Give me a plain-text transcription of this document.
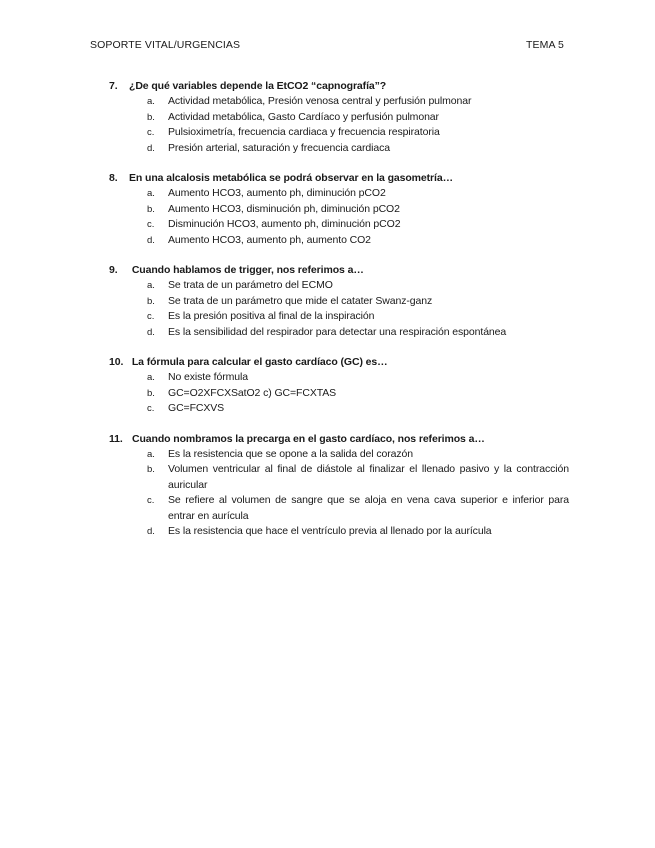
SOPORTE VITAL/URGENCIAS	TEMA 5
7.	¿De qué variables depende la EtCO2 “capnografía”?
a.	Actividad metabólica, Presión venosa central y perfusión pulmonar
b.	Actividad metabólica, Gasto Cardíaco y perfusión pulmonar
c.	Pulsioximetría, frecuencia cardiaca y frecuencia respiratoria
d.	Presión arterial, saturación y frecuencia cardiaca
8.	En una alcalosis metabólica se podrá observar en la gasometría…
a.	Aumento HCO3, aumento ph, diminución pCO2
b.	Aumento HCO3, disminución ph, diminución pCO2
c.	Disminución HCO3, aumento ph, diminución pCO2
d.	Aumento HCO3, aumento ph, aumento CO2
9.	Cuando hablamos de trigger, nos referimos a…
a.	Se trata de un parámetro del ECMO
b.	Se trata de un parámetro que mide el catater Swanz-ganz
c.	Es la presión positiva al final de la inspiración
d.	Es la sensibilidad del respirador para detectar una respiración espontánea
10. La fórmula para calcular el gasto cardíaco (GC) es…
a.	No existe fórmula
b.	GC=O2XFCXSatO2 c) GC=FCXTAS
c.	GC=FCXVS
11. Cuando nombramos la precarga en el gasto cardíaco, nos referimos a…
a.	Es la resistencia que se opone a la salida del corazón
b.	Volumen ventricular al final de diástole al finalizar el llenado pasivo y la contracción auricular
c.	Se refiere al volumen de sangre que se aloja en vena cava superior e inferior para entrar en aurícula
d.	Es la resistencia que hace el ventrículo previa al llenado por la aurícula
